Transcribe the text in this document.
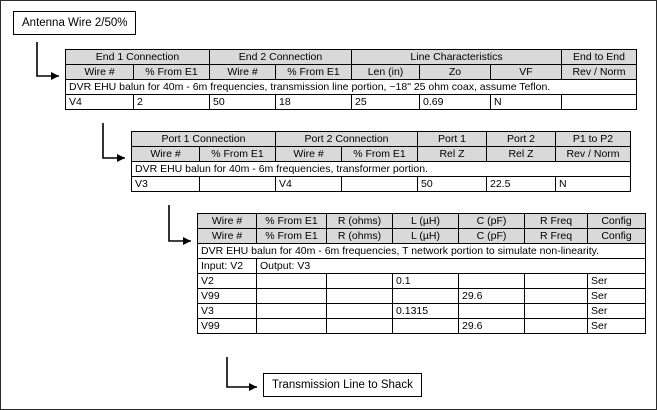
Antenna Wire 2/50%
Transmission Line to Shack
End 1 Connection		End 2 Connection		Line Characteristics			End to End
Wire #	% From E1	Wire #	% From E1	Len (in)	Zo	VF	Rev / Norm
DVR EHU balun for 40m - 6m frequencies, transmission line portion, ~18" 25 ohm coax, assume Teflon.							
V4	2	50	18	25	0.69	N	
Port 1 Connection		Port 2 Connection		Port 1	Port 2	P1 to P2
Wire #	% From E1	Wire #	% From E1	Rel Z	Rel Z	Rev / Norm
DVR EHU balun for 40m - 6m frequencies, transformer portion.						
V3		V4		50	22.5	N
Wire #	% From E1	R (ohms)	L (µH)	C (pF)	R Freq	Config
Wire #	% From E1	R (ohms)	L (µH)	C (pF)	R Freq	Config
DVR EHU balun for 40m - 6m frequencies, T network portion to simulate non-linearity.						
Input: V2	Output: V3					
V2			0.1			Ser
V99				29.6		Ser
V3			0.1315			Ser
V99				29.6		Ser
